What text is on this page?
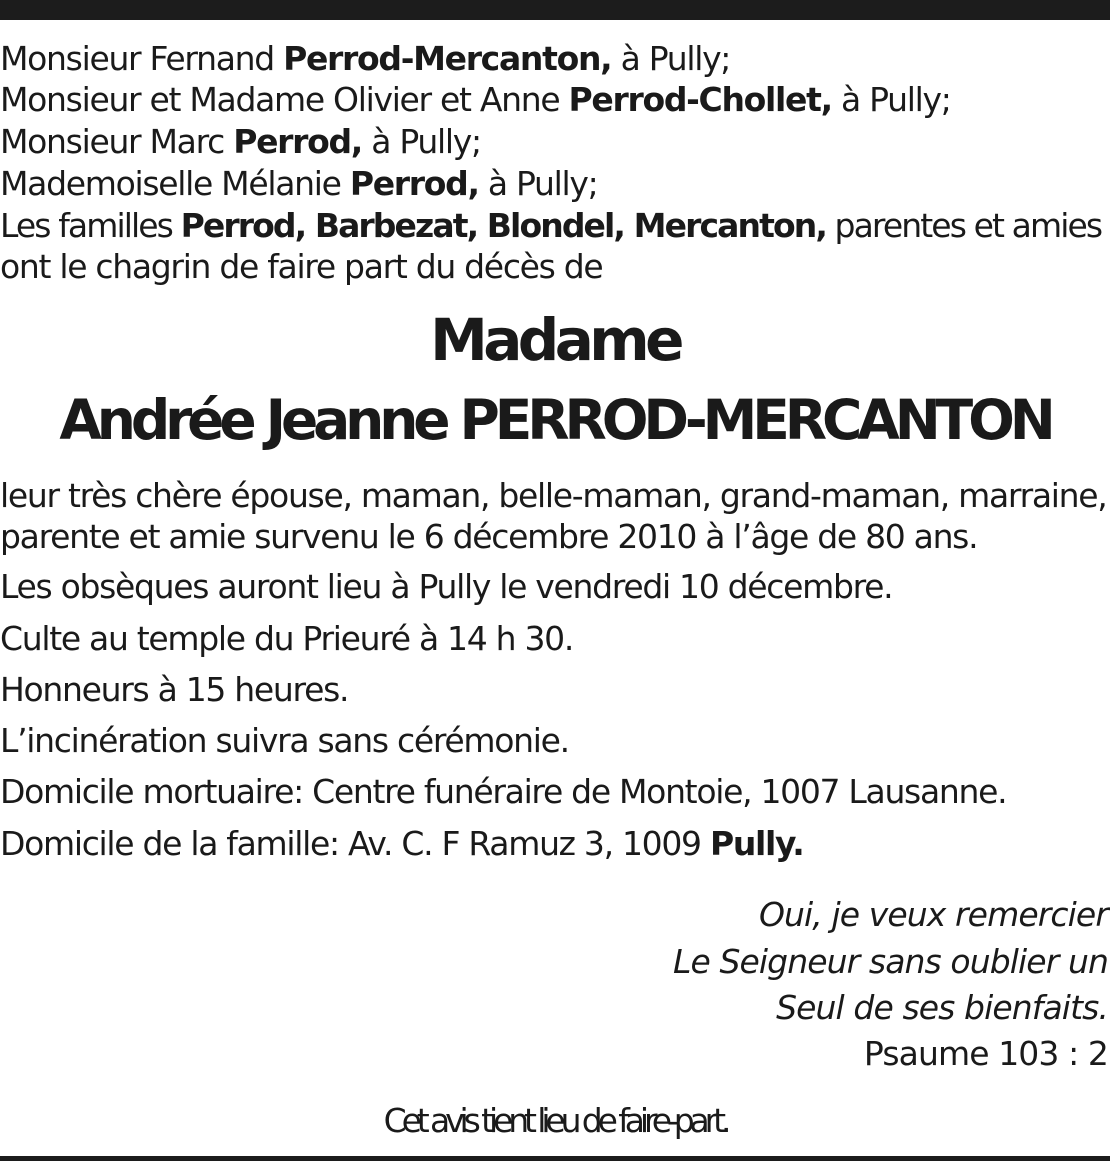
Monsieur Fernand Perrod-Mercanton, à Pully;

Monsieur et Madame Olivier et Anne Perrod-Chollet, à Pully;

Monsieur Marc Perrod, à Pully;

Mademoiselle Mélanie Perrod, à Pully;

Les familles Perrod, Barbezat, Blondel, Mercanton, parentes et amies

ont le chagrin de faire part du décès de

Madame
Andrée Jeanne PERROD-MERCANTON

leur très chère épouse, maman, belle-maman, grand-maman, marraine,

parente et amie survenu le 6 décembre 2010 à l’âge de 80 ans.

Les obsèques auront lieu à Pully le vendredi 10 décembre.

Culte au temple du Prieuré à 14 h 30.

Honneurs à 15 heures.

L’incinération suivra sans cérémonie.

Domicile mortuaire: Centre funéraire de Montoie, 1007 Lausanne.

Domicile de la famille: Av. C. F Ramuz 3, 1009 Pully.

Oui, je veux remercier
Le Seigneur sans oublier un
Seul de ses bienfaits.
Psaume 103 : 2
Cet avis tient lieu de faire-part.
